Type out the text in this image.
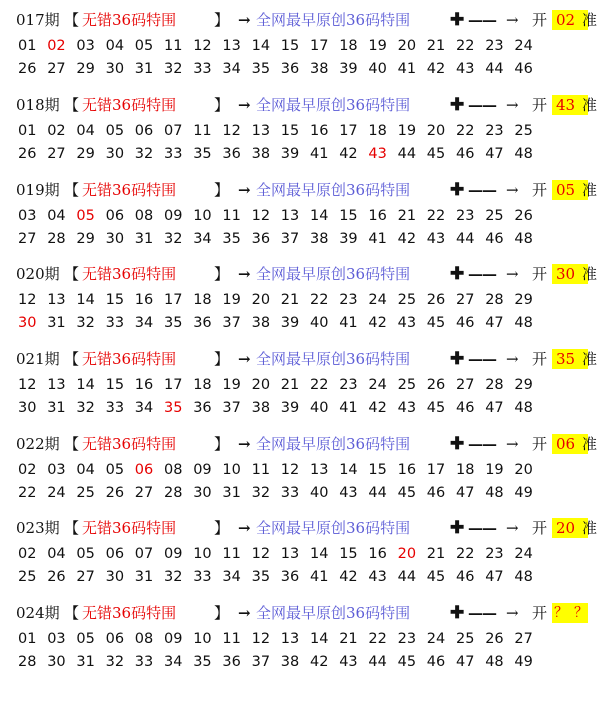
017期 【 无错36码特围	】 → 全网最早原创36码特围 ✚ —— → 开 02 准
01 02 03 04 05 11 12 13 14 15 17 18 19 20 21 22 23 24
26 27 29 30 31 32 33 34 35 36 38 39 40 41 42 43 44 46
018期 【 无错36码特围	】 → 全网最早原创36码特围 ✚ —— → 开 43 准
01 02 04 05 06 07 11 12 13 15 16 17 18 19 20 22 23 25
26 27 29 30 32 33 35 36 38 39 41 42 43 44 45 46 47 48
019期 【 无错36码特围	】 → 全网最早原创36码特围 ✚ —— → 开 05 准
03 04 05 06 08 09 10 11 12 13 14 15 16 21 22 23 25 26
27 28 29 30 31 32 34 35 36 37 38 39 41 42 43 44 46 48
020期 【 无错36码特围	】 → 全网最早原创36码特围 ✚ —— → 开 30 准
12 13 14 15 16 17 18 19 20 21 22 23 24 25 26 27 28 29
30 31 32 33 34 35 36 37 38 39 40 41 42 43 45 46 47 48
021期 【 无错36码特围	】 → 全网最早原创36码特围 ✚ —— → 开 35 准
12 13 14 15 16 17 18 19 20 21 22 23 24 25 26 27 28 29
30 31 32 33 34 35 36 37 38 39 40 41 42 43 45 46 47 48
022期 【 无错36码特围	】 → 全网最早原创36码特围 ✚ —— → 开 06 准
02 03 04 05 06 08 09 10 11 12 13 14 15 16 17 18 19 20
22 24 25 26 27 28 30 31 32 33 40 43 44 45 46 47 48 49
023期 【 无错36码特围	】 → 全网最早原创36码特围 ✚ —— → 开 20 准
02 04 05 06 07 09 10 11 12 13 14 15 16 20 21 22 23 24
25 26 27 30 31 32 33 34 35 36 41 42 43 44 45 46 47 48
024期 【 无错36码特围	】 → 全网最早原创36码特围 ✚ —— → 开 ？？
01 03 05 06 08 09 10 11 12 13 14 21 22 23 24 25 26 27
28 30 31 32 33 34 35 36 37 38 42 43 44 45 46 47 48 49
